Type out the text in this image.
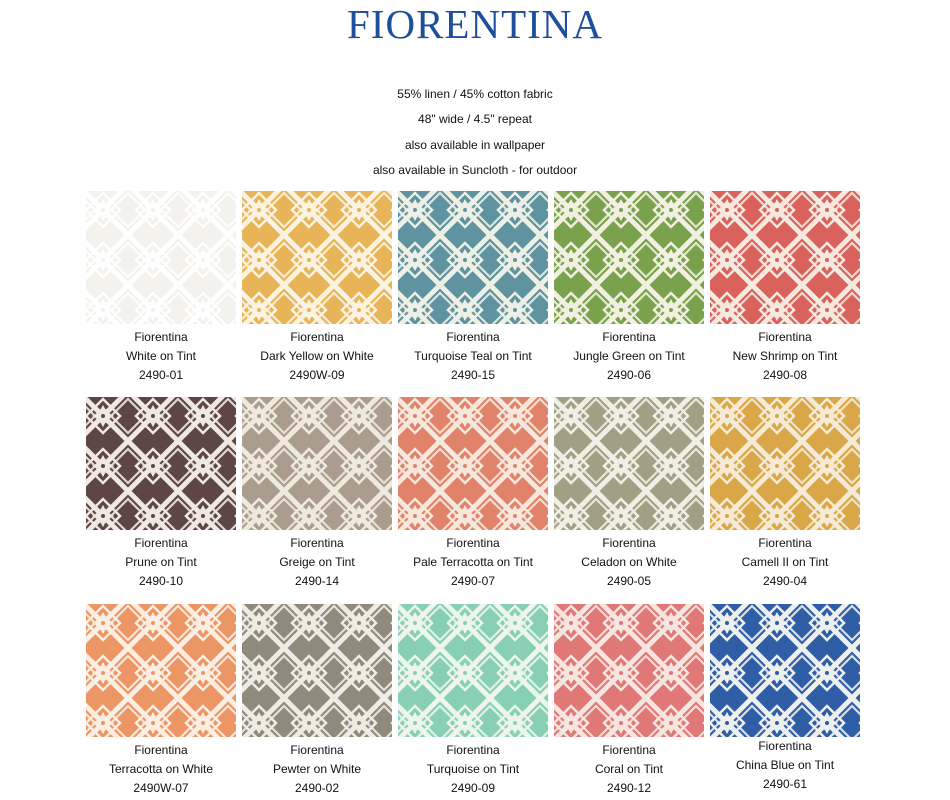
FIORENTINA
55% linen / 45% cotton fabric
48" wide / 4.5" repeat
also available in wallpaper
also available in Suncloth - for outdoor
Fiorentina
White on Tint
2490-01
Fiorentina
Dark Yellow on White
2490W-09
Fiorentina
Turquoise Teal on Tint
2490-15
Fiorentina
Jungle Green on Tint
2490-06
Fiorentina
New Shrimp on Tint
2490-08
Fiorentina
Prune on Tint
2490-10
Fiorentina
Greige on Tint
2490-14
Fiorentina
Pale Terracotta on Tint
2490-07
Fiorentina
Celadon on White
2490-05
Fiorentina
Camell II on Tint
2490-04
Fiorentina
Terracotta on White
2490W-07
Fiorentina
Pewter on White
2490-02
Fiorentina
Turquoise on Tint
2490-09
Fiorentina
Coral on Tint
2490-12
Fiorentina
China Blue on Tint
2490-61
